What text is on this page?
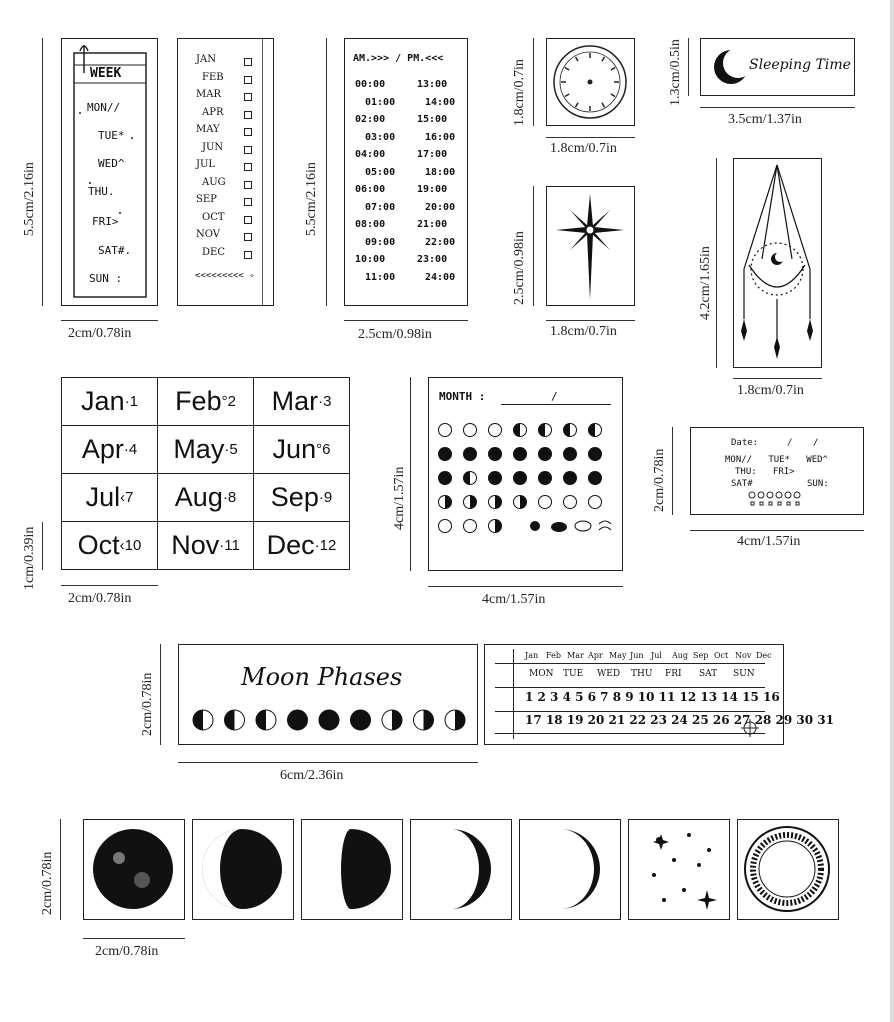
5.5cm/2.16in
WEEK
MON//
TUE*
WED^
THU.
FRI>
SAT#.
SUN :
2cm/0.78in
JAN
FEB
MAR
APR
MAY
JUN
JUL
AUG
SEP
OCT
NOV
DEC
<<<<<<<<< ✧
5.5cm/2.16in
AM.>>> / PM.<<<
00:00	13:00
01:00	14:00
02:00	15:00
03:00	16:00
04:00	17:00
05:00	18:00
06:00	19:00
07:00	20:00
08:00	21:00
09:00	22:00
10:00	23:00
11:00	24:00
2.5cm/0.98in
1.8cm/0.7in
1.8cm/0.7in
2.5cm/0.98in
1.8cm/0.7in
1.3cm/0.5in	Sleeping Time
3.5cm/1.37in
4.2cm/1.65in
1.8cm/0.7in
1cm/0.39in
Jan ·1 Feb °2 Mar ·3
Apr ·4 May ·5 Jun °6
Jul ‹7 Aug ·8 Sep ·9
Oct ‹10 Nov ·11 Dec ·12
2cm/0.78in
4cm/1.57in
MONTH :	/
4cm/1.57in
2cm/0.78in
Date:	/ /
MON//   TUE*   WED^
THU:   FRI>
SAT#	SUN:
4cm/1.57in
2cm/0.78in	Moon Phases
6cm/2.36in
Jan Feb Mar Apr May Jun Jul Aug Sep Oct Nov Dec
MON TUE WED THU FRI SAT SUN
1 2 3 4 5 6 7 8 9 10 11 12 13 14 15 16
17 18 19 20 21 22 23 24 25 26 27 28 29 30 31
2cm/0.78in
2cm/0.78in
